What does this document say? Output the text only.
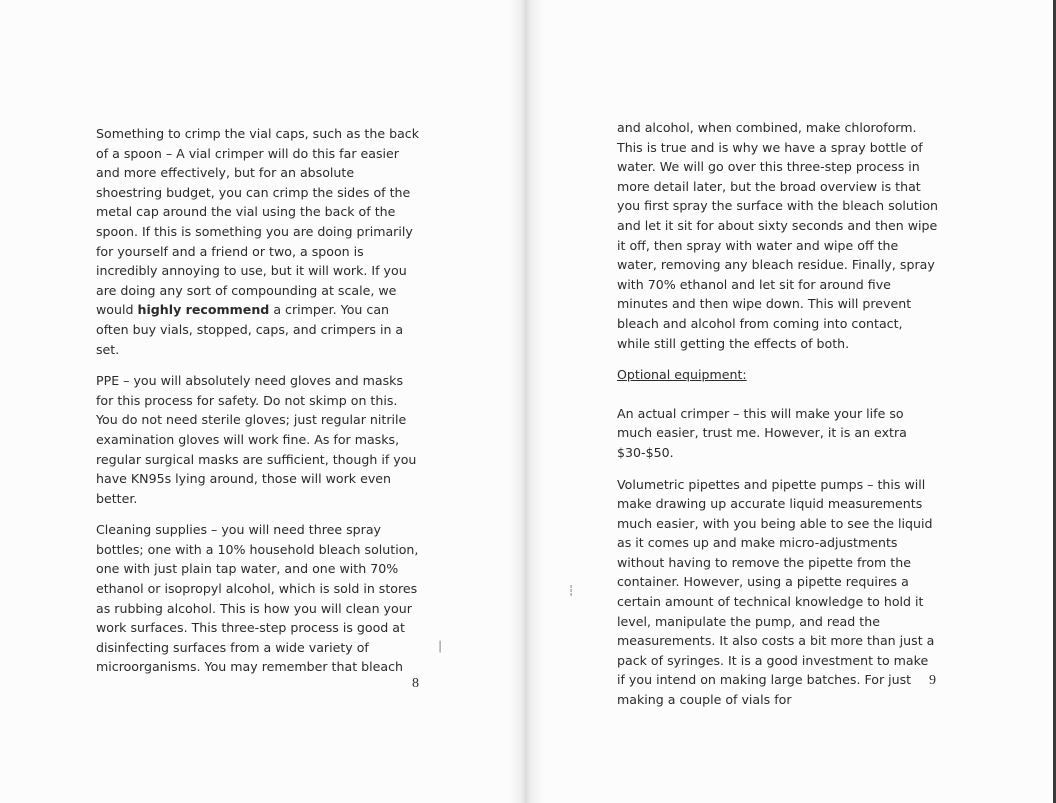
Something to crimp the vial caps, such as the back of a spoon – A vial crimper will do this far easier and more effectively, but for an absolute shoestring budget, you can crimp the sides of the metal cap around the vial using the back of the spoon. If this is something you are doing primarily for yourself and a friend or two, a spoon is incredibly annoying to use, but it will work. If you are doing any sort of compounding at scale, we would highly recommend a crimper. You can often buy vials, stopped, caps, and crimpers in a set.

PPE – you will absolutely need gloves and masks for this process for safety. Do not skimp on this. You do not need sterile gloves; just regular nitrile examination gloves will work fine. As for masks, regular surgical masks are sufficient, though if you have KN95s lying around, those will work even better.

Cleaning supplies – you will need three spray bottles; one with a 10% household bleach solution, one with just plain tap water, and one with 70% ethanol or isopropyl alcohol, which is sold in stores as rubbing alcohol. This is how you will clean your work surfaces. This three-step process is good at disinfecting surfaces from a wide variety of microorganisms. You may remember that bleach

8

and alcohol, when combined, make chloroform. This is true and is why we have a spray bottle of water. We will go over this three-step process in more detail later, but the broad overview is that you first spray the surface with the bleach solution and let it sit for about sixty seconds and then wipe it off, then spray with water and wipe off the water, removing any bleach residue. Finally, spray with 70% ethanol and let sit for around five minutes and then wipe down. This will prevent bleach and alcohol from coming into contact, while still getting the effects of both.

Optional equipment:

An actual crimper – this will make your life so much easier, trust me. However, it is an extra $30-$50.

Volumetric pipettes and pipette pumps – this will make drawing up accurate liquid measurements much easier, with you being able to see the liquid as it comes up and make micro-adjustments without having to remove the pipette from the container. However, using a pipette requires a certain amount of technical knowledge to hold it level, manipulate the pump, and read the measurements. It also costs a bit more than just a pack of syringes. It is a good investment to make if you intend on making large batches. For just making a couple of vials for

9
│
┆
